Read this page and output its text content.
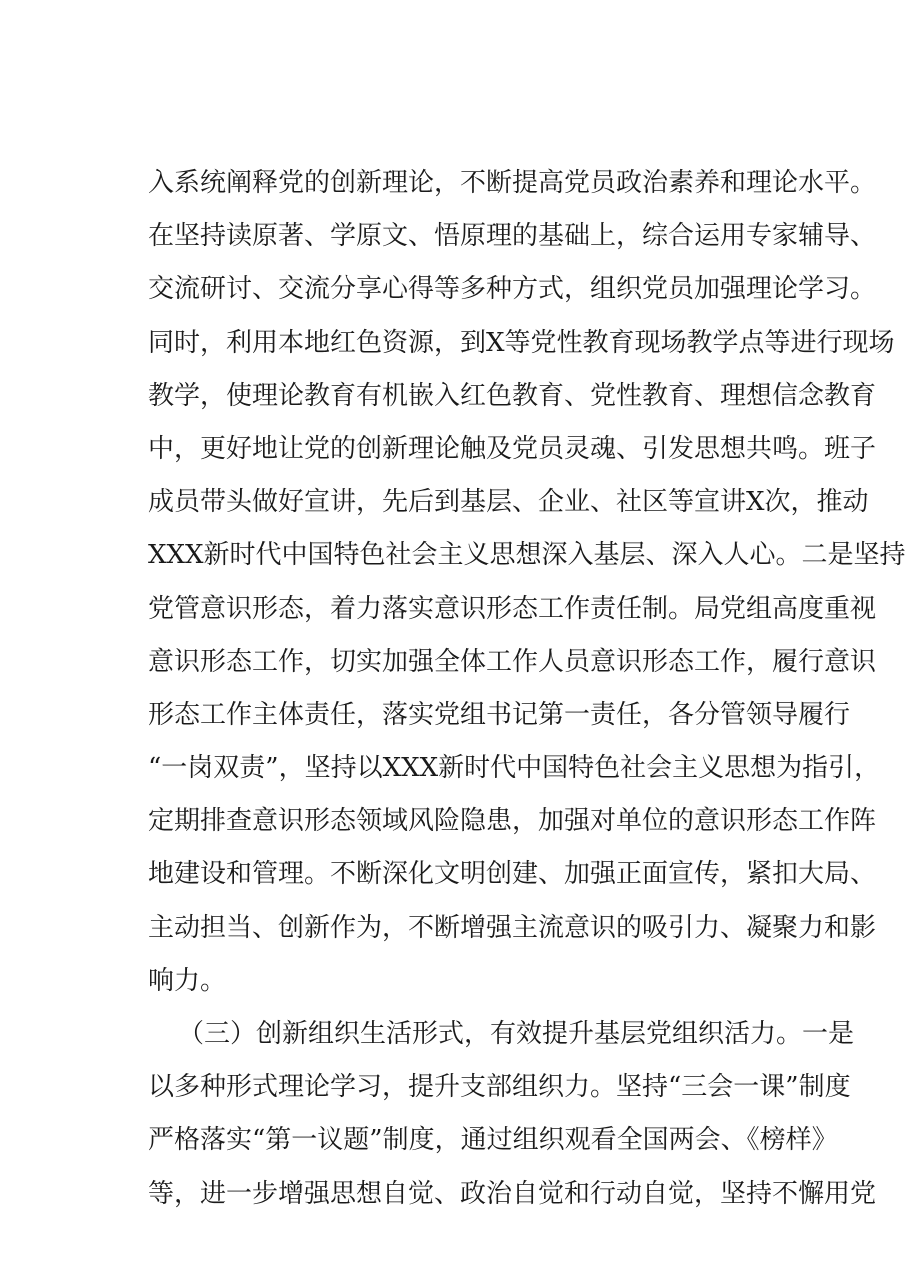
入系统阐释党的创新理论，不断提高党员政治素养和理论水平。
在坚持读原著、学原文、悟原理的基础上，综合运用专家辅导、
交流研讨、交流分享心得等多种方式，组织党员加强理论学习。
同时，利用本地红色资源，到X等党性教育现场教学点等进行现场
教学，使理论教育有机嵌入红色教育、党性教育、理想信念教育
中，更好地让党的创新理论触及党员灵魂、引发思想共鸣。班子
成员带头做好宣讲，先后到基层、企业、社区等宣讲X次，推动
XXX新时代中国特色社会主义思想深入基层、深入人心。二是坚持
党管意识形态，着力落实意识形态工作责任制。局党组高度重视
意识形态工作，切实加强全体工作人员意识形态工作，履行意识
形态工作主体责任，落实党组书记第一责任，各分管领导履行
“一岗双责”，坚持以XXX新时代中国特色社会主义思想为指引，
定期排查意识形态领域风险隐患，加强对单位的意识形态工作阵
地建设和管理。不断深化文明创建、加强正面宣传，紧扣大局、
主动担当、创新作为，不断增强主流意识的吸引力、凝聚力和影
响力。
（三）创新组织生活形式，有效提升基层党组织活力。一是
以多种形式理论学习，提升支部组织力。坚持“三会一课”制度
严格落实“第一议题”制度，通过组织观看全国两会、《榜样》
等，进一步增强思想自觉、政治自觉和行动自觉，坚持不懈用党
